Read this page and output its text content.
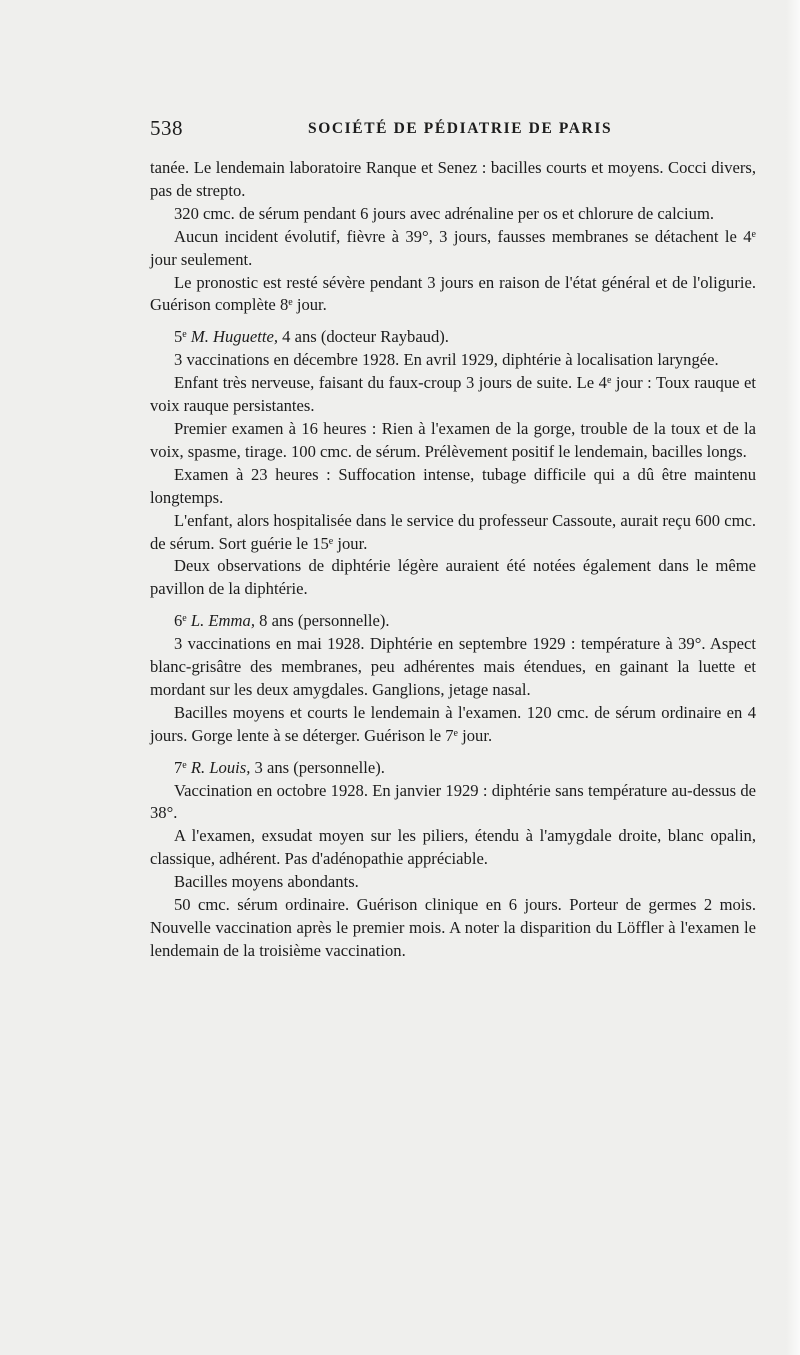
538	SOCIÉTÉ DE PÉDIATRIE DE PARIS

tanée. Le lendemain laboratoire Ranque et Senez : bacilles courts et moyens. Cocci divers, pas de strepto.

320 cmc. de sérum pendant 6 jours avec adrénaline per os et chlorure de calcium.

Aucun incident évolutif, fièvre à 39°, 3 jours, fausses membranes se détachent le 4e jour seulement.

Le pronostic est resté sévère pendant 3 jours en raison de l'état général et de l'oligurie. Guérison complète 8e jour.

5e M. Huguette, 4 ans (docteur Raybaud).

3 vaccinations en décembre 1928. En avril 1929, diphtérie à localisation laryngée.

Enfant très nerveuse, faisant du faux-croup 3 jours de suite. Le 4e jour : Toux rauque et voix rauque persistantes.

Premier examen à 16 heures : Rien à l'examen de la gorge, trouble de la toux et de la voix, spasme, tirage. 100 cmc. de sérum. Prélèvement positif le lendemain, bacilles longs.

Examen à 23 heures : Suffocation intense, tubage difficile qui a dû être maintenu longtemps.

L'enfant, alors hospitalisée dans le service du professeur Cassoute, aurait reçu 600 cmc. de sérum. Sort guérie le 15e jour.

Deux observations de diphtérie légère auraient été notées également dans le même pavillon de la diphtérie.

6e L. Emma, 8 ans (personnelle).

3 vaccinations en mai 1928. Diphtérie en septembre 1929 : température à 39°. Aspect blanc-grisâtre des membranes, peu adhérentes mais étendues, en gainant la luette et mordant sur les deux amygdales. Ganglions, jetage nasal.

Bacilles moyens et courts le lendemain à l'examen. 120 cmc. de sérum ordinaire en 4 jours. Gorge lente à se déterger. Guérison le 7e jour.

7e R. Louis, 3 ans (personnelle).

Vaccination en octobre 1928. En janvier 1929 : diphtérie sans température au-dessus de 38°.

A l'examen, exsudat moyen sur les piliers, étendu à l'amygdale droite, blanc opalin, classique, adhérent. Pas d'adénopathie appréciable.

Bacilles moyens abondants.

50 cmc. sérum ordinaire. Guérison clinique en 6 jours. Porteur de germes 2 mois. Nouvelle vaccination après le premier mois. A noter la disparition du Löffler à l'examen le lendemain de la troisième vaccination.
